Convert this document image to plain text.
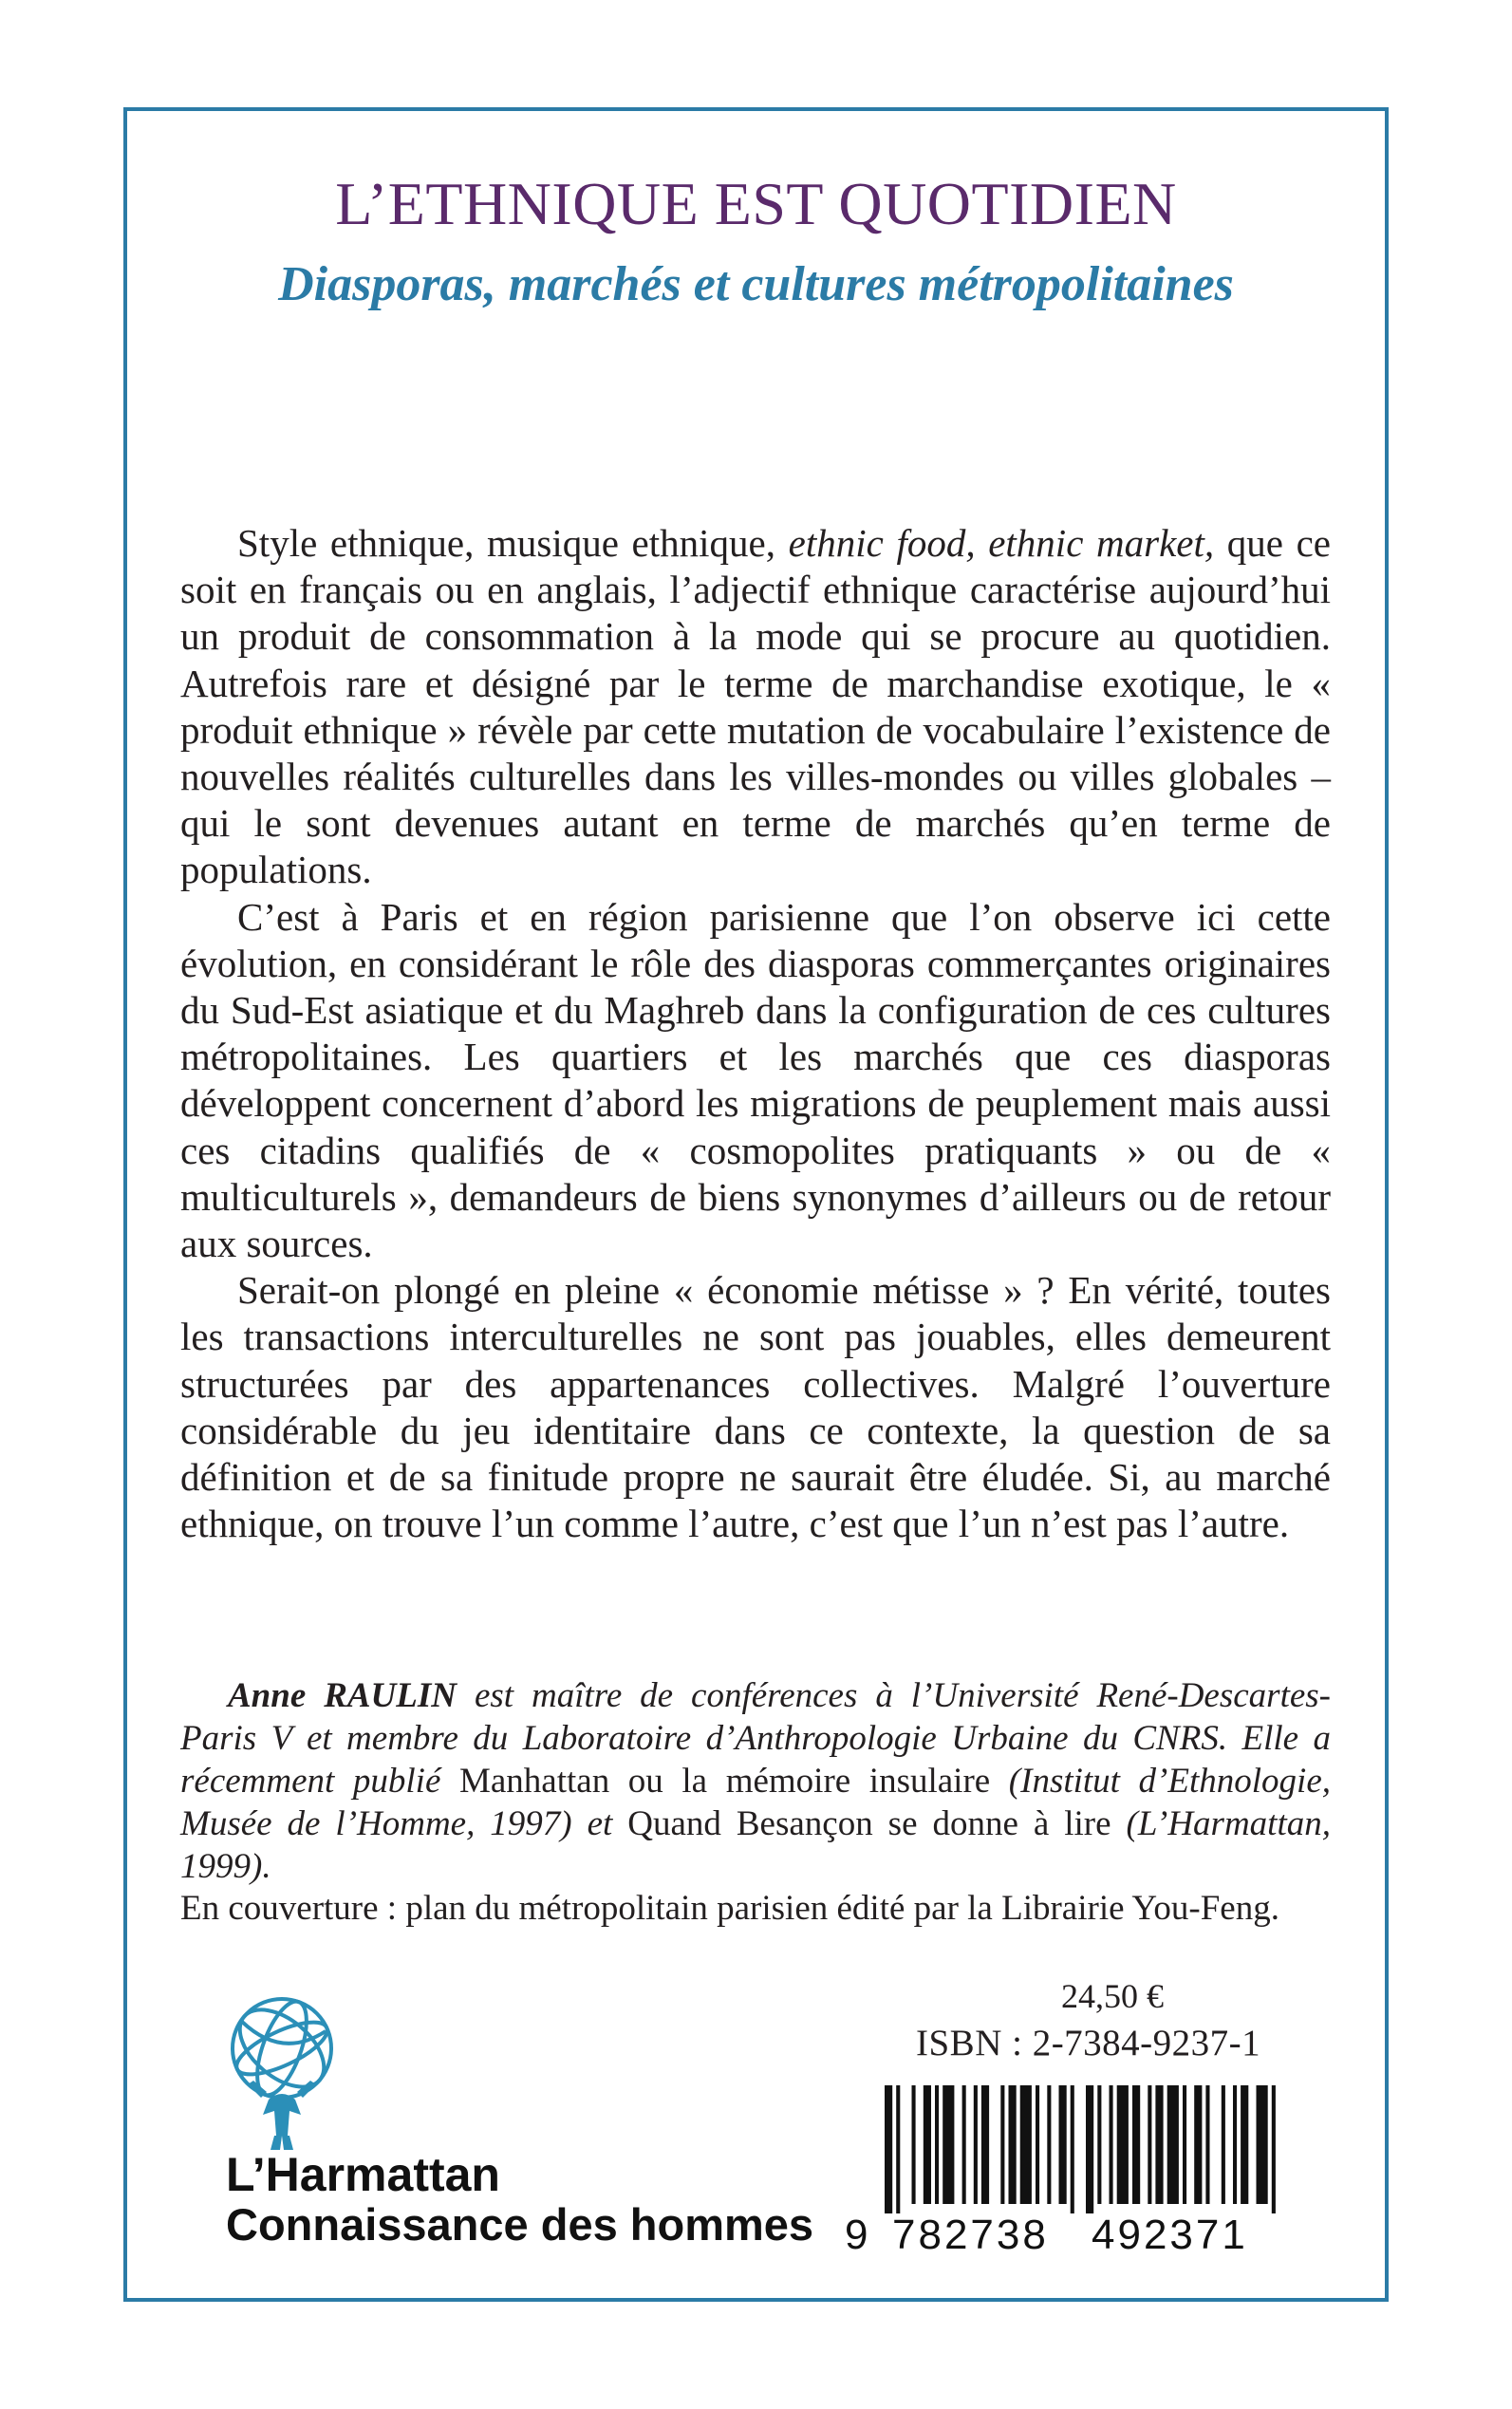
L’ETHNIQUE EST QUOTIDIEN
Diasporas, marchés et cultures métropolitaines

Style ethnique, musique ethnique, ethnic food, ethnic market, que ce soit en français ou en anglais, l’adjectif ethnique caractérise aujourd’hui un produit de consommation à la mode qui se procure au quotidien. Autrefois rare et désigné par le terme de marchandise exotique, le « produit ethnique » révèle par cette mutation de vocabulaire l’existence de nouvelles réalités culturelles dans les villes-mondes ou villes globales – qui le sont devenues autant en terme de marchés qu’en terme de populations.

C’est à Paris et en région parisienne que l’on observe ici cette évolution, en considérant le rôle des diasporas commerçantes originaires du Sud-Est asiatique et du Maghreb dans la configuration de ces cultures métropolitaines. Les quartiers et les marchés que ces diasporas développent concernent d’abord les migrations de peuplement mais aussi ces citadins qualifiés de « cosmopolites pratiquants » ou de « multiculturels », demandeurs de biens synonymes d’ailleurs ou de retour aux sources.

Serait-on plongé en pleine « économie métisse » ? En vérité, toutes les transactions interculturelles ne sont pas jouables, elles demeurent structurées par des appartenances collectives. Malgré l’ouverture considérable du jeu identitaire dans ce contexte, la question de sa définition et de sa finitude propre ne saurait être éludée. Si, au marché ethnique, on trouve l’un comme l’autre, c’est que l’un n’est pas l’autre.

Anne RAULIN est maître de conférences à l’Université René-Descartes-Paris V et membre du Laboratoire d’Anthropologie Urbaine du CNRS. Elle a récemment publié Manhattan ou la mémoire insulaire (Institut d’Ethnologie, Musée de l’Homme, 1997) et Quand Besançon se donne à lire (L’Harmattan, 1999).
En couverture : plan du métropolitain parisien édité par la Librairie You-Feng.
24,50 €
ISBN : 2-7384-9237-1
9 782738 492371
L’Harmattan
Connaissance des hommes
